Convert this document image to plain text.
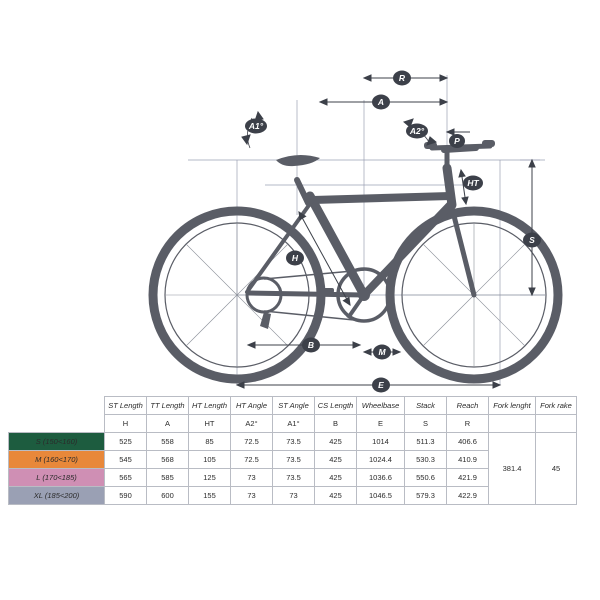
R
A
A1°	A2°
P
HT
S
H
B
M
E
	ST Length	TT Length	HT Length	HT Angle	ST Angle	CS Length	Wheelbase	Stack	Reach	Fork lenght	Fork rake
	H	A	HT	A2°	A1°	B	E	S	R		
S (150<160)	525	558	85	72.5	73.5	425	1014	511.3	406.6	381.4	45
M (160<170)	545	568	105	72.5	73.5	425	1024.4	530.3	410.9		
L (170<185)	565	585	125	73	73.5	425	1036.6	550.6	421.9		
XL (185<200)	590	600	155	73	73	425	1046.5	579.3	422.9		
